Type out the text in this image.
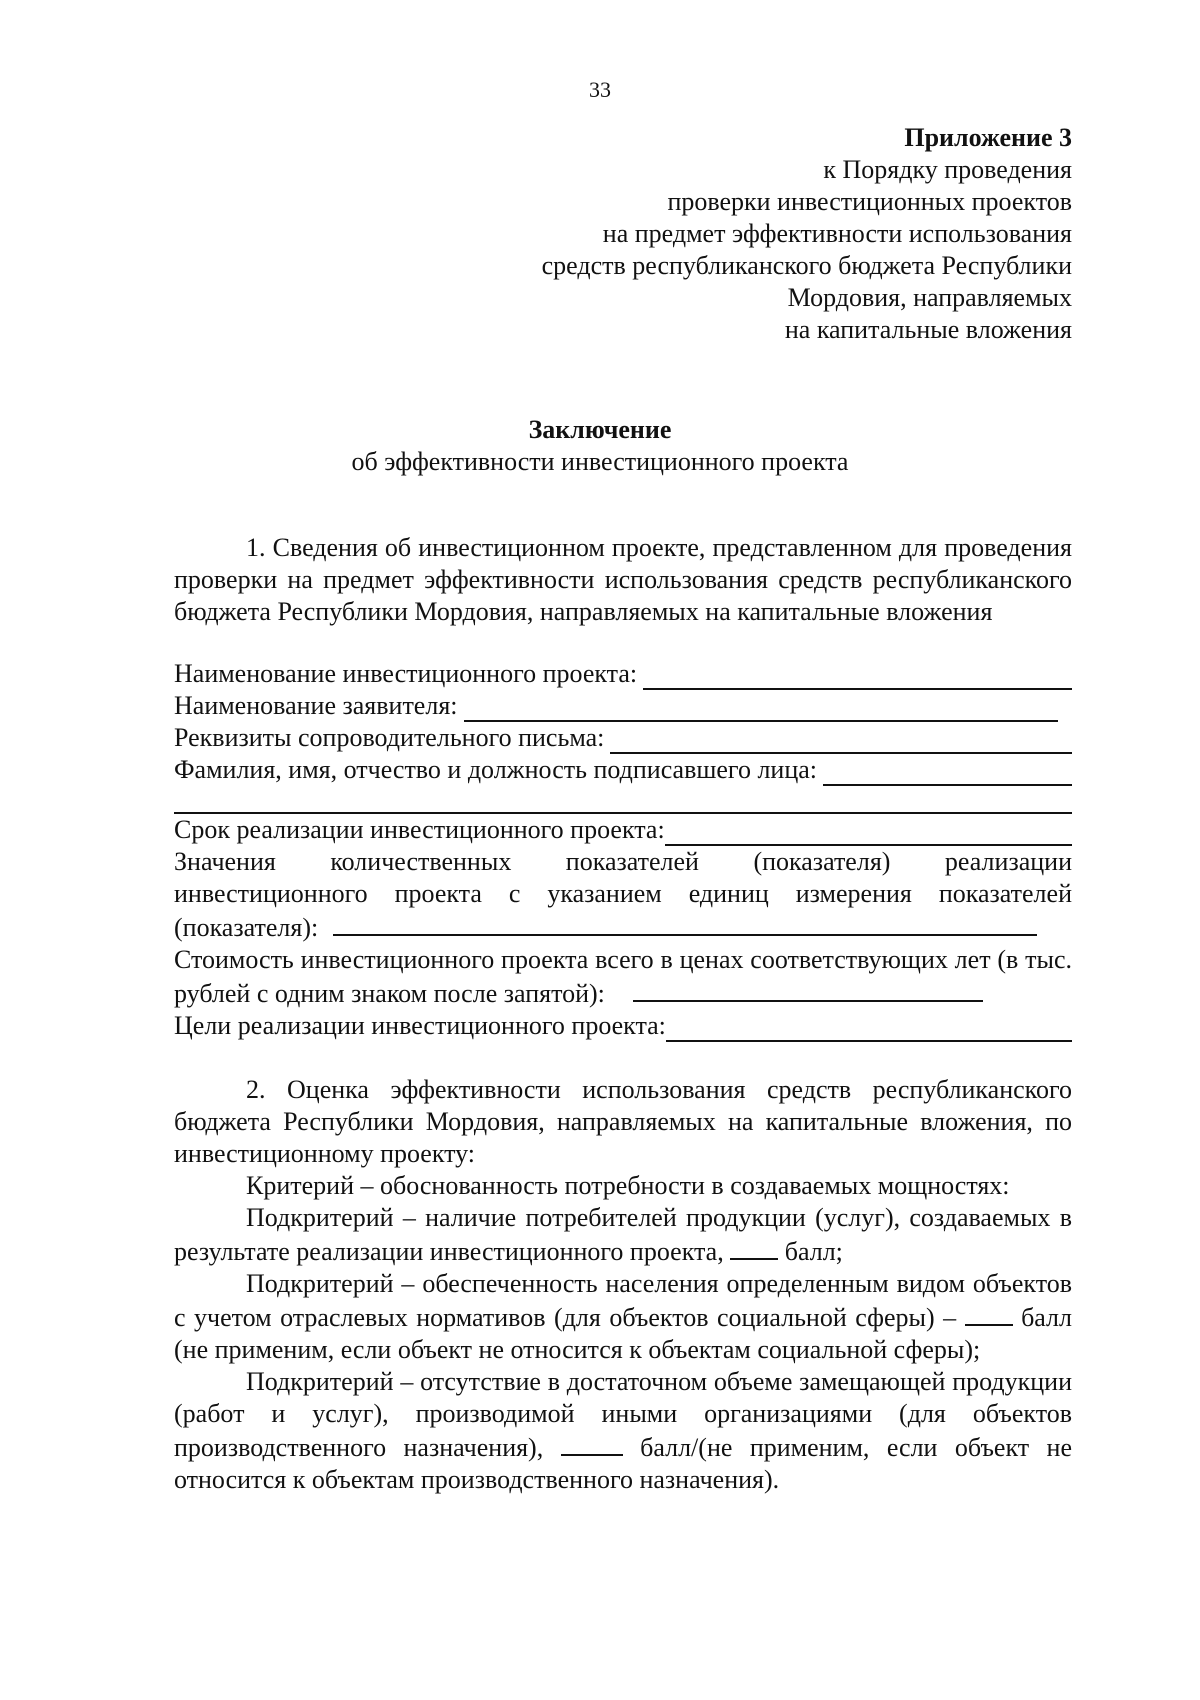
33
Приложение 3
к Порядку проведения
проверки инвестиционных проектов
на предмет эффективности использования
средств республиканского бюджета Республики
Мордовия, направляемых
на капитальные вложения
Заключение
об эффективности инвестиционного проекта
1. Сведения об инвестиционном проекте, представленном для проведения проверки на предмет эффективности использования средств республиканского бюджета Республики Мордовия, направляемых на капитальные вложения
Наименование инвестиционного проекта:
Наименование заявителя:
Реквизиты сопроводительного письма:
Фамилия, имя, отчество и должность подписавшего лица:
Срок реализации инвестиционного проекта:
Значения количественных показателей (показателя) реализации инвестиционного проекта с указанием единиц измерения показателей (показателя):
Стоимость инвестиционного проекта всего в ценах соответствующих лет (в тыс. рублей с одним знаком после запятой):
Цели реализации инвестиционного проекта:
2. Оценка эффективности использования средств республиканского бюджета Республики Мордовия, направляемых на капитальные вложения, по инвестиционному проекту:
Критерий – обоснованность потребности в создаваемых мощностях:
Подкритерий – наличие потребителей продукции (услуг), создаваемых в результате реализации инвестиционного проекта, балл;
Подкритерий – обеспеченность населения определенным видом объектов с учетом отраслевых нормативов (для объектов социальной сферы) – балл (не применим, если объект не относится к объектам социальной сферы);
Подкритерий – отсутствие в достаточном объеме замещающей продукции (работ и услуг), производимой иными организациями (для объектов производственного назначения),	балл/(не применим, если объект не относится к объектам производственного назначения).
